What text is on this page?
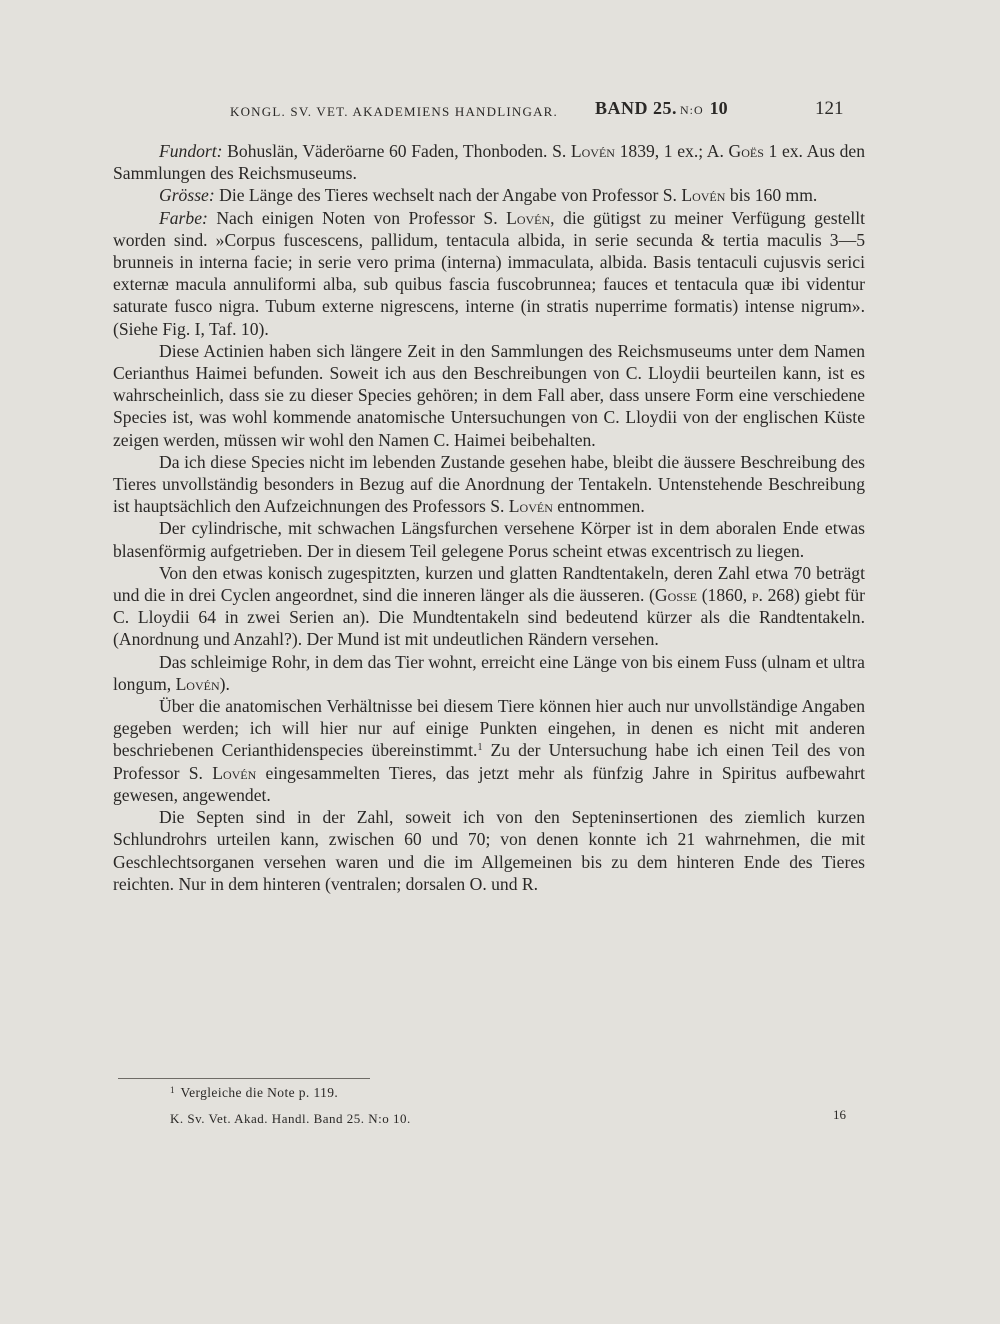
KONGL. SV. VET. AKADEMIENS HANDLINGAR. BAND 25. N:O 10	121

Fundort: Bohuslän, Väderöarne 60 Faden, Thonboden. S. Lovén 1839, 1 ex.; A. Goës 1 ex. Aus den Sammlungen des Reichsmuseums.

Grösse: Die Länge des Tieres wechselt nach der Angabe von Professor S. Lovén bis 160 mm.

Farbe: Nach einigen Noten von Professor S. Lovén, die gütigst zu meiner Verfügung gestellt worden sind. »Corpus fuscescens, pallidum, tentacula albida, in serie secunda & tertia maculis 3—5 brunneis in interna facie; in serie vero prima (interna) immaculata, albida. Basis tentaculi cujusvis serici externæ macula annuliformi alba, sub quibus fascia fuscobrunnea; fauces et tentacula quæ ibi videntur saturate fusco nigra. Tubum externe nigrescens, interne (in stratis nuperrime formatis) intense nigrum». (Siehe Fig. I, Taf. 10).

Diese Actinien haben sich längere Zeit in den Sammlungen des Reichsmuseums unter dem Namen Cerianthus Haimei befunden. Soweit ich aus den Beschreibungen von C. Lloydii beurteilen kann, ist es wahrscheinlich, dass sie zu dieser Species gehören; in dem Fall aber, dass unsere Form eine verschiedene Species ist, was wohl kommende anatomische Untersuchungen von C. Lloydii von der englischen Küste zeigen werden, müssen wir wohl den Namen C. Haimei beibehalten.

Da ich diese Species nicht im lebenden Zustande gesehen habe, bleibt die äussere Beschreibung des Tieres unvollständig besonders in Bezug auf die Anordnung der Tentakeln. Untenstehende Beschreibung ist hauptsächlich den Aufzeichnungen des Professors S. Lovén entnommen.

Der cylindrische, mit schwachen Längsfurchen versehene Körper ist in dem aboralen Ende etwas blasenförmig aufgetrieben. Der in diesem Teil gelegene Porus scheint etwas excentrisch zu liegen.

Von den etwas konisch zugespitzten, kurzen und glatten Randtentakeln, deren Zahl etwa 70 beträgt und die in drei Cyclen angeordnet, sind die inneren länger als die äusseren. (Gosse (1860, p. 268) giebt für C. Lloydii 64 in zwei Serien an). Die Mundtentakeln sind bedeutend kürzer als die Randtentakeln. (Anordnung und Anzahl?). Der Mund ist mit undeutlichen Rändern versehen.

Das schleimige Rohr, in dem das Tier wohnt, erreicht eine Länge von bis einem Fuss (ulnam et ultra longum, Lovén).

Über die anatomischen Verhältnisse bei diesem Tiere können hier auch nur unvollständige Angaben gegeben werden; ich will hier nur auf einige Punkten eingehen, in denen es nicht mit anderen beschriebenen Cerianthidenspecies übereinstimmt.$^1$ Zu der Untersuchung habe ich einen Teil des von Professor S. Lovén eingesammelten Tieres, das jetzt mehr als fünfzig Jahre in Spiritus aufbewahrt gewesen, angewendet.

Die Septen sind in der Zahl, soweit ich von den Septeninsertionen des ziemlich kurzen Schlundrohrs urteilen kann, zwischen 60 und 70; von denen konnte ich 21 wahrnehmen, die mit Geschlechtsorganen versehen waren und die im Allgemeinen bis zu dem hinteren Ende des Tieres reichten. Nur in dem hinteren (ventralen; dorsalen O. und R.

$^1$ Vergleiche die Note p. 119.
K. Sv. Vet. Akad. Handl. Band 25. N:o 10.	16
